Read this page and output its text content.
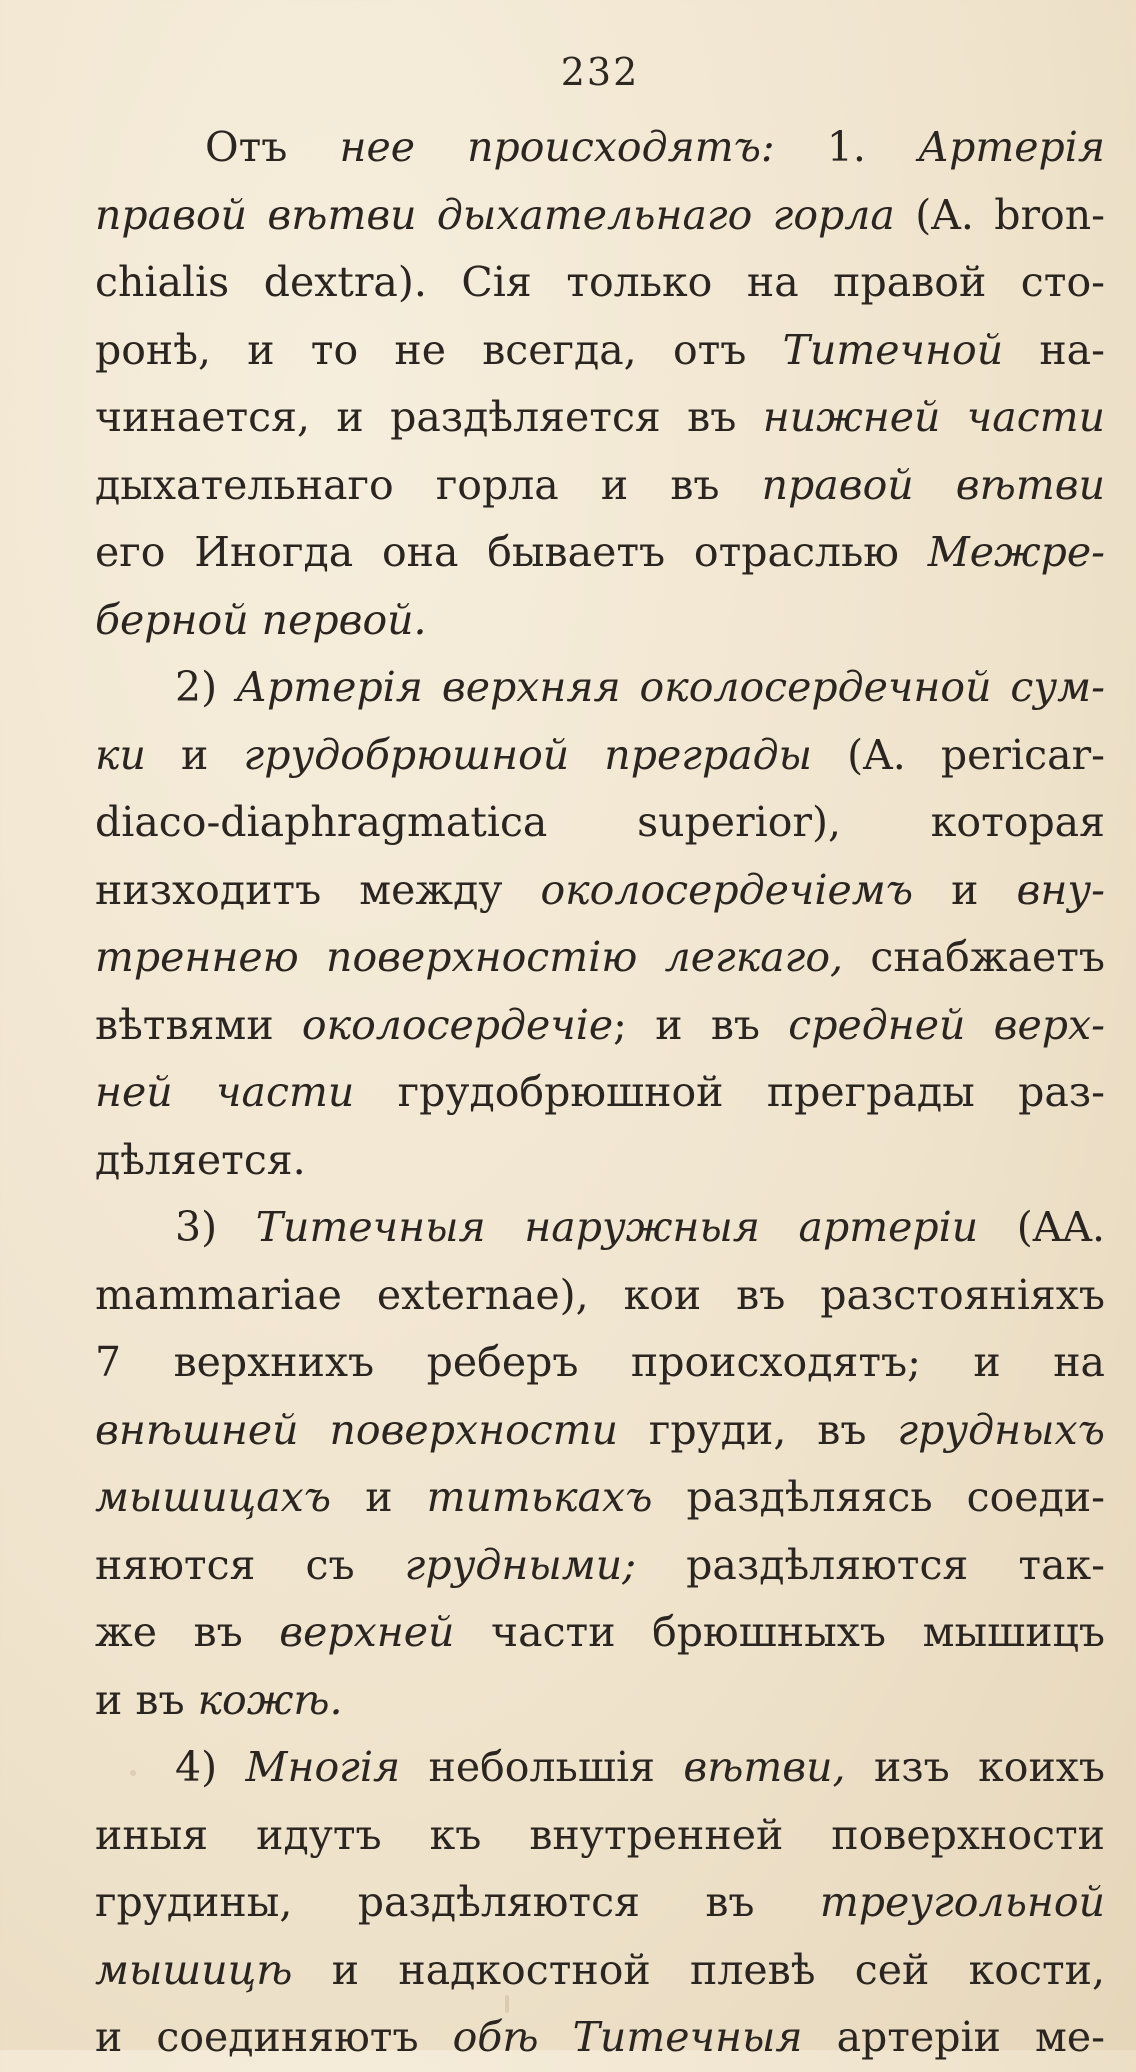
232
Отъ нее происходятъ: 1. Артерія
правой вѣтви дыхательнаго горла (A. bron-
chialis dextra). Сія только на правой сто-
ронѣ, и то не всегда, отъ Титечной на-
чинается, и раздѣляется въ нижней части
дыхательнаго горла и въ правой вѣтви
его Иногда она бываетъ отраслью Межре-
берной первой.
2) Артерія верхняя околосердечной сум-
ки и грудобрюшной преграды (A. pericar-
diaco-diaphragmatica superior), которая
низходитъ между околосердечіемъ и вну-
треннею поверхностію легкаго, снабжаетъ
вѣтвями околосердечіе; и въ средней верх-
ней части грудобрюшной преграды раз-
дѣляется.
3) Титечныя наружныя артеріи (AA.
mammariae externae), кои въ разстояніяхъ
7 верхнихъ реберъ происходятъ; и на
внѣшней поверхности груди, въ грудныхъ
мышицахъ и титькахъ раздѣляясь соеди-
няются съ грудными; раздѣляются так-
же въ верхней части брюшныхъ мышицъ
и въ кожѣ.
4) Многія небольшія вѣтви, изъ коихъ
иныя идутъ къ внутренней поверхности
грудины, раздѣляются въ треугольной
мышицѣ и надкостной плевѣ сей кости,
и соединяютъ обѣ Титечныя артеріи ме-
